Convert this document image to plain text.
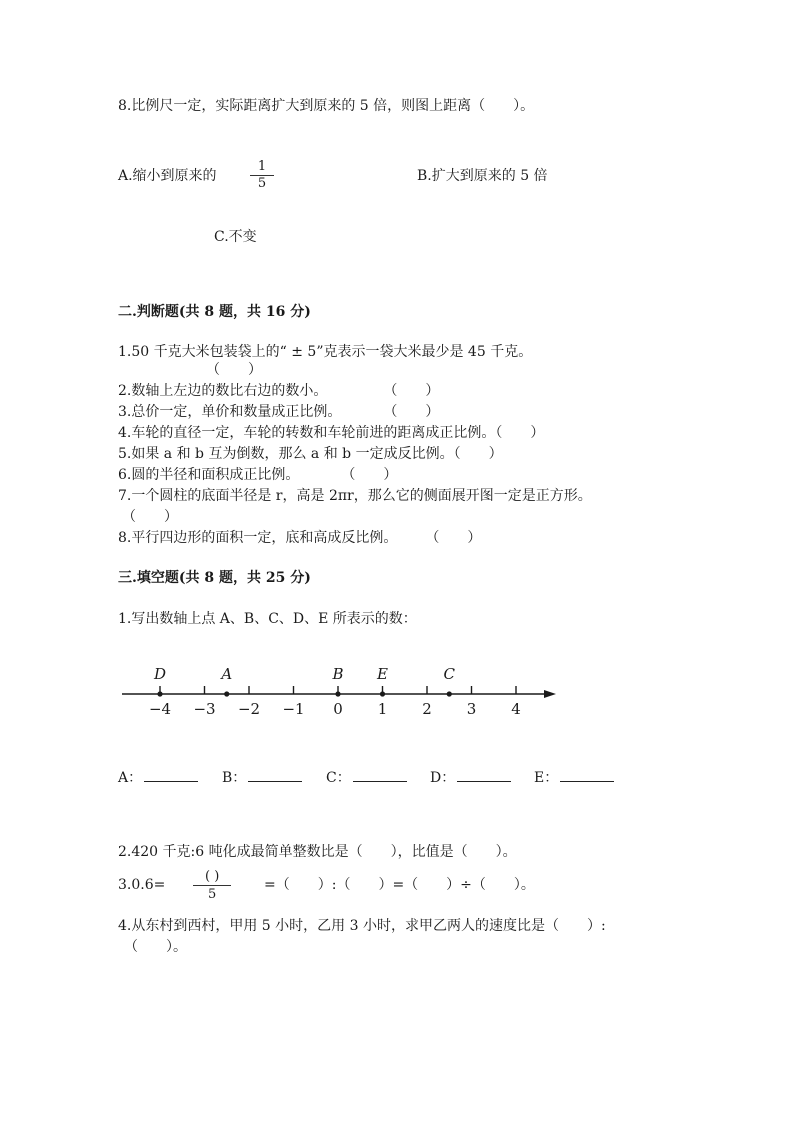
8.比例尺一定，实际距离扩大到原来的 5 倍，则图上距离（　　）。
A.缩小到原来的	$\frac{1}{5}$	B.扩大到原来的 5 倍
C.不变
二.判断题(共 8 题，共 16 分)
1.50 千克大米包装袋上的“ ± 5”克表示一袋大米最少是 45 千克。
（　　）
2.数轴上左边的数比右边的数小。　　　　　（　　）
3.总价一定，单价和数量成正比例。　　　　（　　）
4.车轮的直径一定，车轮的转数和车轮前进的距离成正比例。（　　）
5.如果 a 和 b 互为倒数，那么 a 和 b 一定成反比例。（　　）
6.圆的半径和面积成正比例。　　　　（　　）
7.一个圆柱的底面半径是 r，高是 2πr，那么它的侧面展开图一定是正方形。
（　　）
8.平行四边形的面积一定，底和高成反比例。　　　（　　）
三.填空题(共 8 题，共 25 分)
1.写出数轴上点 A、B、C、D、E 所表示的数：
−4 −3 −2 −1 0 1 2 3 4
D	A	B E	C
A：	B：	C：	D：	E：
2.420 千克:6 吨化成最简单整数比是（　　），比值是（　　）。
3.0.6=
( )
5
=（　　）:（　　）=（　　）÷（　　）。
4.从东村到西村，甲用 5 小时，乙用 3 小时，求甲乙两人的速度比是（　　）:
（　　）。
